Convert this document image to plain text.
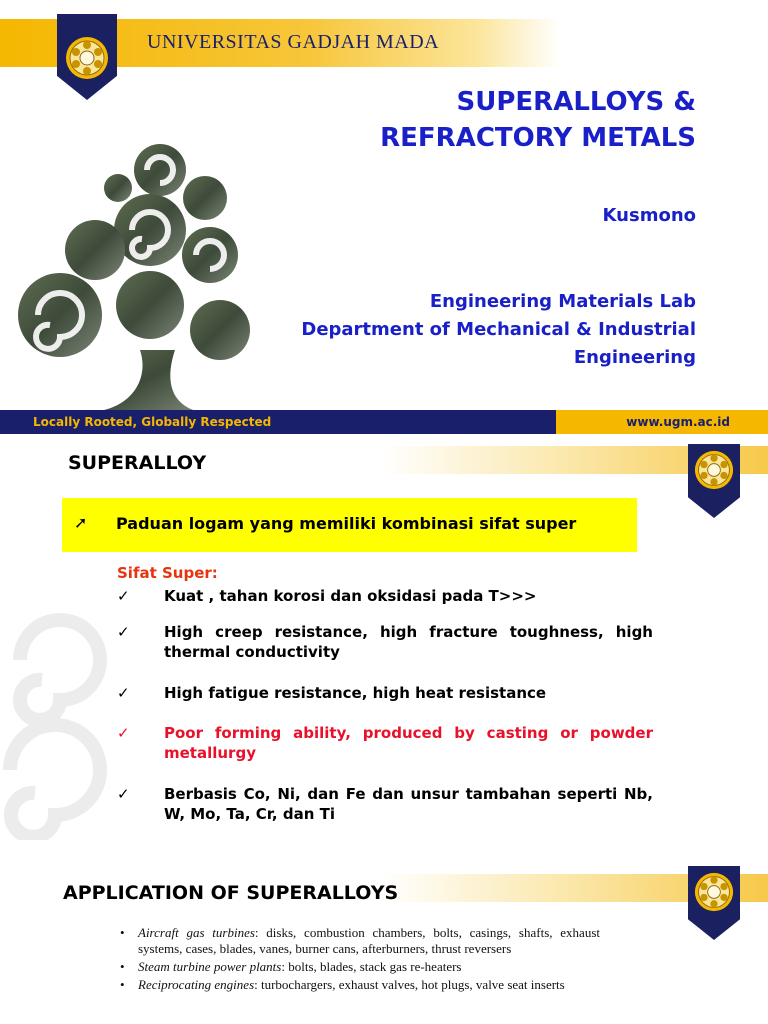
UNIVERSITAS GADJAH MADA
SUPERALLOYS &
REFRACTORY METALS
Kusmono
Engineering Materials Lab
Department of Mechanical & Industrial
Engineering
Locally Rooted, Globally Respected	www.ugm.ac.id
SUPERALLOY
➚ Paduan logam yang memiliki kombinasi sifat super
Sifat Super:
✓ Kuat , tahan korosi dan oksidasi pada T>>>
✓ High creep resistance, high fracture toughness, high thermal conductivity
✓ High fatigue resistance, high heat resistance
✓ Poor forming ability, produced by casting or powder metallurgy
✓ Berbasis Co, Ni, dan Fe dan unsur tambahan seperti Nb, W, Mo, Ta, Cr, dan Ti
APPLICATION OF SUPERALLOYS
• Aircraft gas turbines: disks, combustion chambers, bolts, casings, shafts, exhaust systems, cases, blades, vanes, burner cans, afterburners, thrust reversers
• Steam turbine power plants: bolts, blades, stack gas re-heaters
• Reciprocating engines: turbochargers, exhaust valves, hot plugs, valve seat inserts
